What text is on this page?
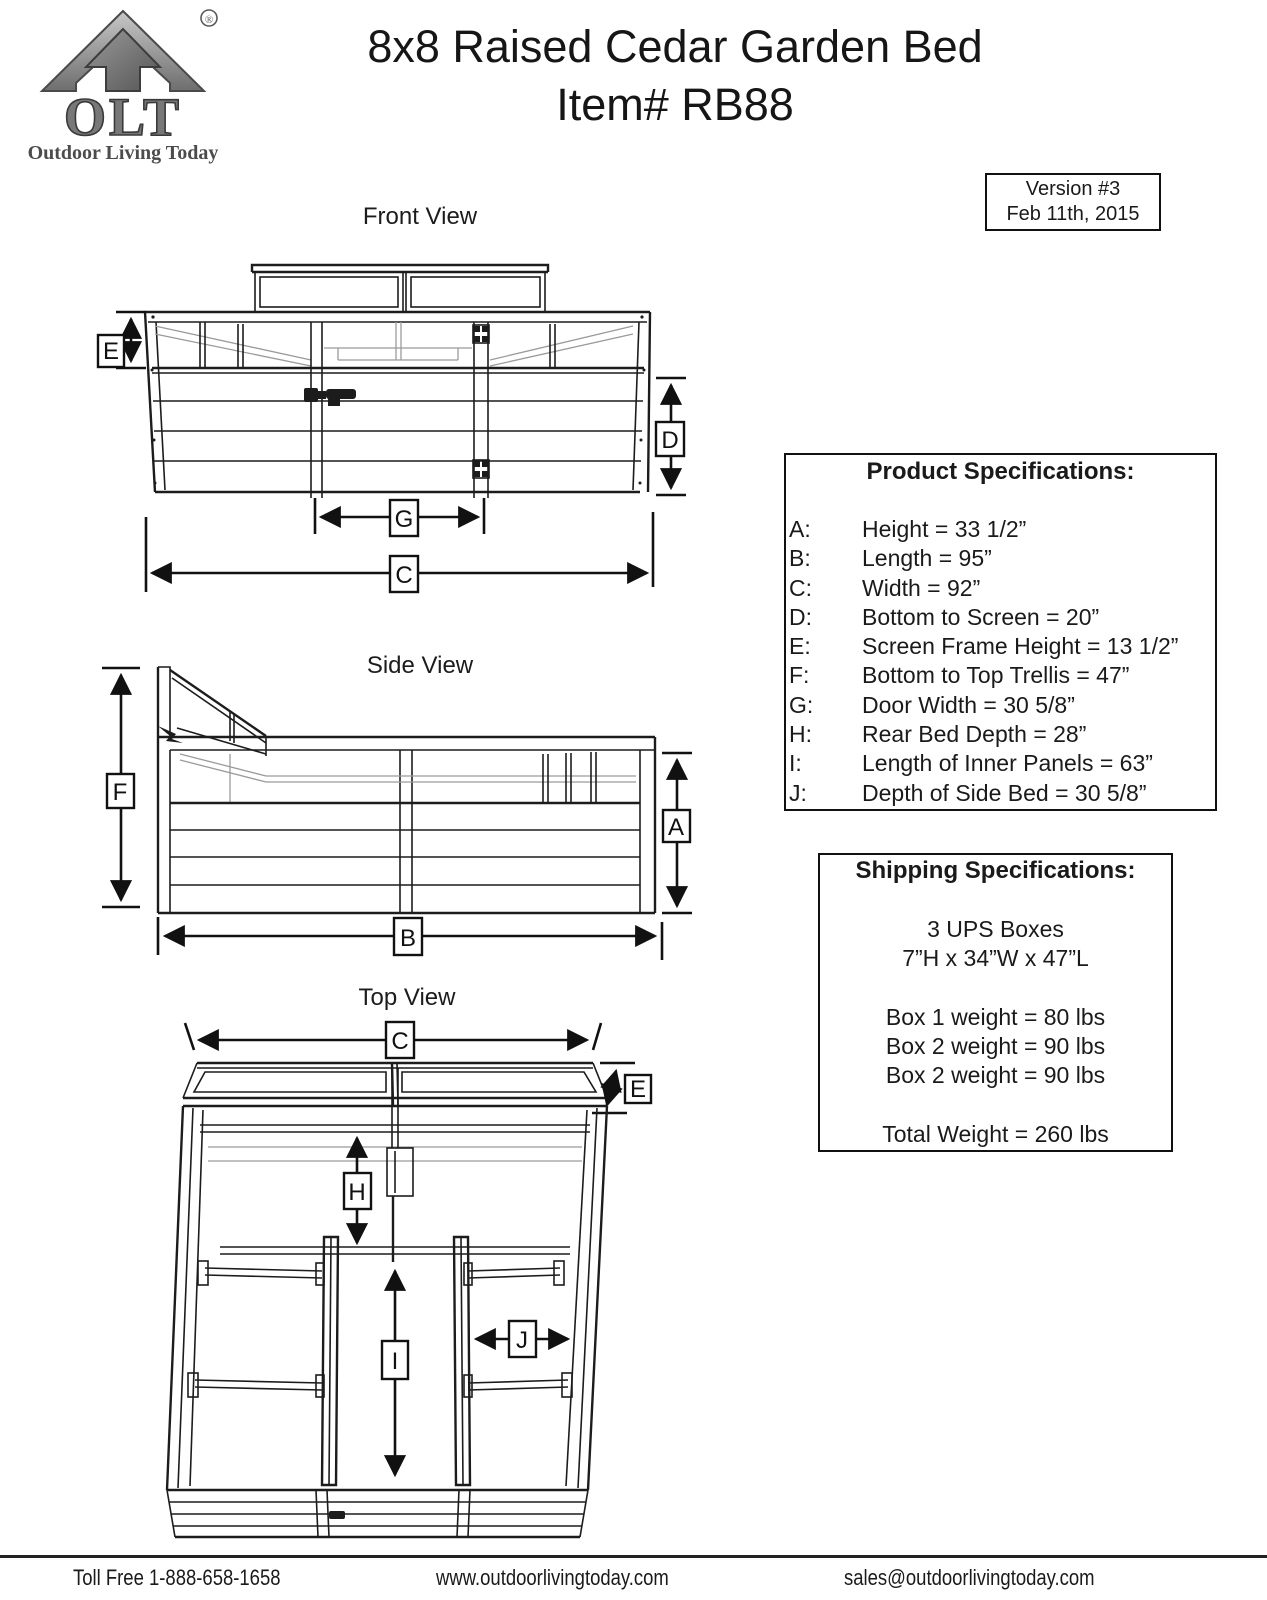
®
OLT
Outdoor Living Today
8x8 Raised Cedar Garden Bed
Item# RB88
Version #3
Feb 11th, 2015
Front View
Side View
Top View
E
D
G
C
F
A
B
C
E
H
I
J
Product Specifications:
A: Height = 33 1/2”
B: Length = 95”
C: Width = 92”
D: Bottom to Screen = 20”
E: Screen Frame Height = 13 1/2”
F: Bottom to Top Trellis = 47”
G: Door Width = 30 5/8”
H: Rear Bed Depth = 28”
I:	Length of Inner Panels = 63”
J: Depth of Side Bed = 30 5/8”
Shipping Specifications:
3 UPS Boxes
7”H x 34”W x 47”L
Box 1 weight = 80 lbs
Box 2 weight = 90 lbs
Box 2 weight = 90 lbs
Total Weight = 260 lbs
Toll Free 1-888-658-1658	www.outdoorlivingtoday.com	sales@outdoorlivingtoday.com
